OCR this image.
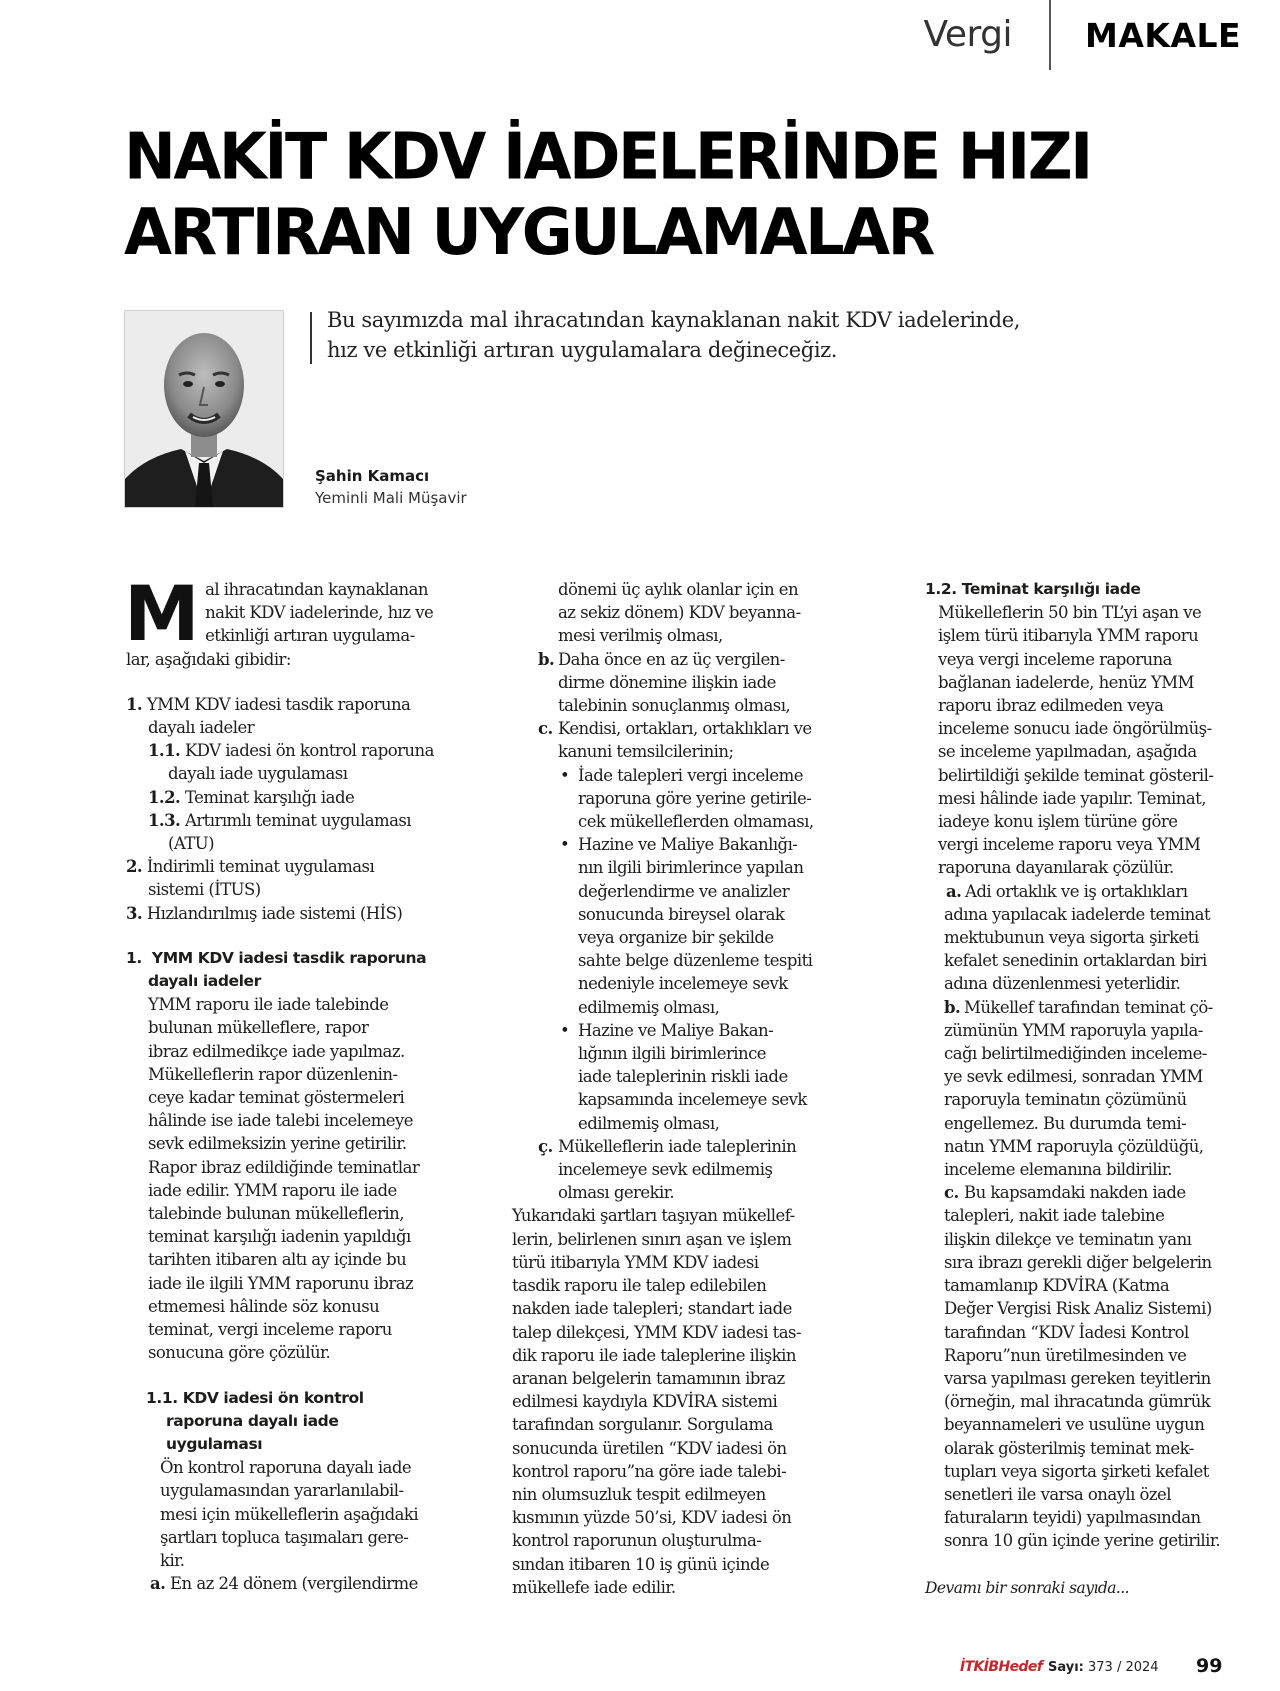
Vergi MAKALE
NAKİT KDV İADELERİNDE HIZI
ARTIRAN UYGULAMALAR

Bu sayımızda mal ihracatından kaynaklanan nakit KDV iadelerinde,
hız ve etkinliği artıran uygulamalara değineceğiz.

Şahin Kamacı
Yeminli Mali Müşavir

M al ihracatından kaynaklanan
nakit KDV iadelerinde, hız ve
etkinliği artıran uygulama-
lar, aşağıdaki gibidir:

1. YMM KDV iadesi tasdik raporuna

dayalı iadeler

1.1. KDV iadesi ön kontrol raporuna

dayalı iade uygulaması

1.2. Teminat karşılığı iade

1.3. Artırımlı teminat uygulaması

(ATU)

2. İndirimli teminat uygulaması

sistemi (İTUS)

3. Hızlandırılmış iade sistemi (HİS)

1. YMM KDV iadesi tasdik raporuna

dayalı iadeler

YMM raporu ile iade talebinde
bulunan mükelleflere, rapor
ibraz edilmedikçe iade yapılmaz.
Mükelleflerin rapor düzenlenin-
ceye kadar teminat göstermeleri
hâlinde ise iade talebi incelemeye
sevk edilmeksizin yerine getirilir.
Rapor ibraz edildiğinde teminatlar
iade edilir. YMM raporu ile iade
talebinde bulunan mükelleflerin,
teminat karşılığı iadenin yapıldığı
tarihten itibaren altı ay içinde bu
iade ile ilgili YMM raporunu ibraz
etmemesi hâlinde söz konusu
teminat, vergi inceleme raporu
sonucuna göre çözülür.

1.1. KDV iadesi ön kontrol

raporuna dayalı iade

uygulaması

Ön kontrol raporuna dayalı iade
uygulamasından yararlanılabil-
mesi için mükelleflerin aşağıdaki
şartları topluca taşımaları gere-
kir.

a. En az 24 dönem (vergilendirme

dönemi üç aylık olanlar için en
az sekiz dönem) KDV beyanna-
mesi verilmiş olması,
b. Daha önce en az üç vergilen-
dirme dönemine ilişkin iade
talebinin sonuçlanmış olması,
c. Kendisi, ortakları, ortaklıkları ve
kanuni temsilcilerinin;
• İade talepleri vergi inceleme
raporuna göre yerine getirile-
cek mükelleflerden olmaması,
• Hazine ve Maliye Bakanlığı-
nın ilgili birimlerince yapılan
değerlendirme ve analizler
sonucunda bireysel olarak
veya organize bir şekilde
sahte belge düzenleme tespiti
nedeniyle incelemeye sevk
edilmemiş olması,
• Hazine ve Maliye Bakan-
lığının ilgili birimlerince
iade taleplerinin riskli iade
kapsamında incelemeye sevk
edilmemiş olması,
ç. Mükelleflerin iade taleplerinin
incelemeye sevk edilmemiş
olması gerekir.
Yukarıdaki şartları taşıyan mükellef-
lerin, belirlenen sınırı aşan ve işlem
türü itibarıyla YMM KDV iadesi
tasdik raporu ile talep edilebilen
nakden iade talepleri; standart iade
talep dilekçesi, YMM KDV iadesi tas-
dik raporu ile iade taleplerine ilişkin
aranan belgelerin tamamının ibraz
edilmesi kaydıyla KDVİRA sistemi
tarafından sorgulanır. Sorgulama
sonucunda üretilen “KDV iadesi ön
kontrol raporu”na göre iade talebi-
nin olumsuzluk tespit edilmeyen
kısmının yüzde 50’si, KDV iadesi ön
kontrol raporunun oluşturulma-
sından itibaren 10 iş günü içinde
mükellefe iade edilir.

1.2. Teminat karşılığı iade

Mükelleflerin 50 bin TL’yi aşan ve
işlem türü itibarıyla YMM raporu
veya vergi inceleme raporuna
bağlanan iadelerde, henüz YMM
raporu ibraz edilmeden veya
inceleme sonucu iade öngörülmüş-
se inceleme yapılmadan, aşağıda
belirtildiği şekilde teminat gösteril-
mesi hâlinde iade yapılır. Teminat,
iadeye konu işlem türüne göre
vergi inceleme raporu veya YMM
raporuna dayanılarak çözülür.
a. Adi ortaklık ve iş ortaklıkları
adına yapılacak iadelerde teminat
mektubunun veya sigorta şirketi
kefalet senedinin ortaklardan biri
adına düzenlenmesi yeterlidir.
b. Mükellef tarafından teminat çö-
zümünün YMM raporuyla yapıla-
cağı belirtilmediğinden inceleme-
ye sevk edilmesi, sonradan YMM
raporuyla teminatın çözümünü
engellemez. Bu durumda temi-
natın YMM raporuyla çözüldüğü,
inceleme elemanına bildirilir.
c. Bu kapsamdaki nakden iade
talepleri, nakit iade talebine
ilişkin dilekçe ve teminatın yanı
sıra ibrazı gerekli diğer belgelerin
tamamlanıp KDVİRA (Katma
Değer Vergisi Risk Analiz Sistemi)
tarafından “KDV İadesi Kontrol
Raporu”nun üretilmesinden ve
varsa yapılması gereken teyitlerin
(örneğin, mal ihracatında gümrük
beyannameleri ve usulüne uygun
olarak gösterilmiş teminat mek-
tupları veya sigorta şirketi kefalet
senetleri ile varsa onaylı özel
faturaların teyidi) yapılmasından
sonra 10 gün içinde yerine getirilir.

Devamı bir sonraki sayıda...

İTKİBHedef Sayı: 373 / 2024 99
